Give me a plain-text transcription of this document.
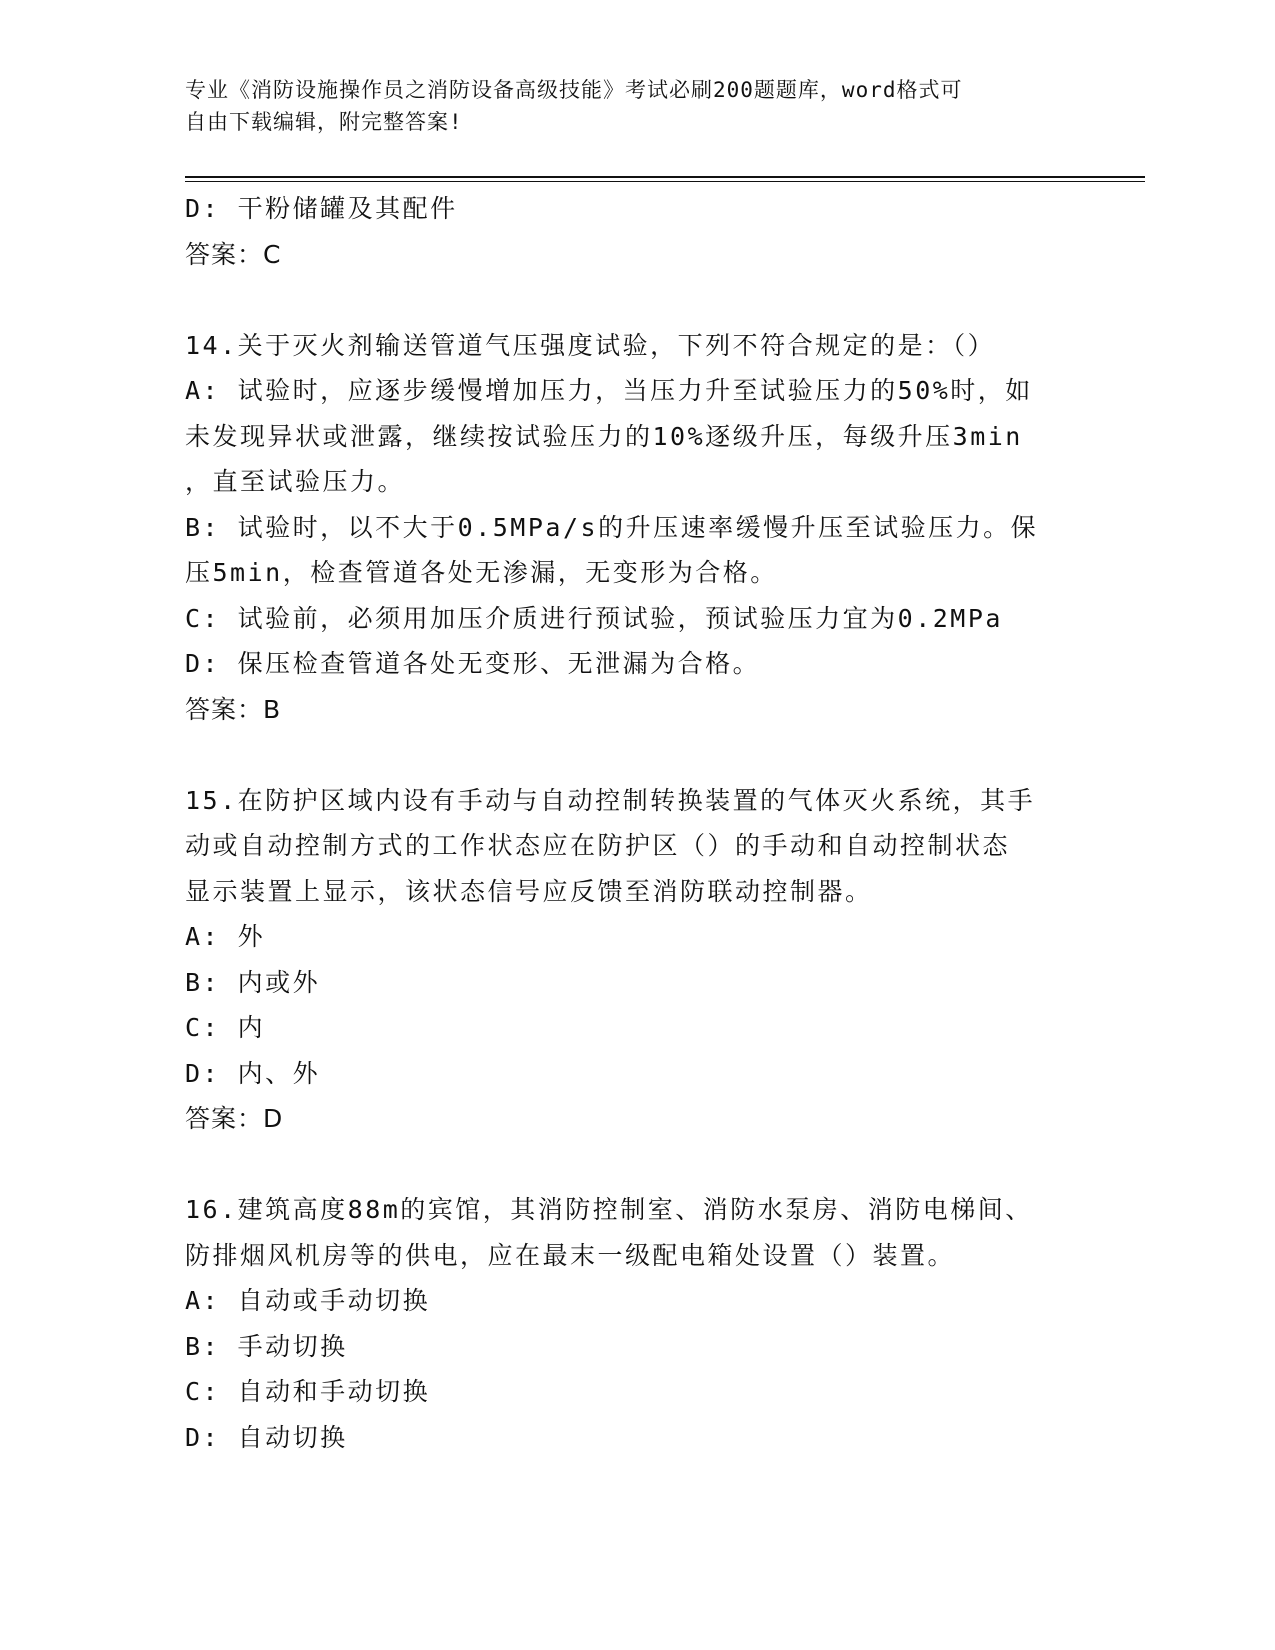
专业《消防设施操作员之消防设备高级技能》考试必刷200题题库，word格式可
自由下载编辑，附完整答案!
D: 干粉储罐及其配件
答案：C
14.关于灭火剂输送管道气压强度试验，下列不符合规定的是：（）
A: 试验时，应逐步缓慢增加压力，当压力升至试验压力的50%时，如
未发现异状或泄露，继续按试验压力的10%逐级升压，每级升压3min
，直至试验压力。
B: 试验时，以不大于0.5MPa/s的升压速率缓慢升压至试验压力。保
压5min，检查管道各处无渗漏，无变形为合格。
C: 试验前，必须用加压介质进行预试验，预试验压力宜为0.2MPa
D: 保压检查管道各处无变形、无泄漏为合格。
答案：B
15.在防护区域内设有手动与自动控制转换装置的气体灭火系统，其手
动或自动控制方式的工作状态应在防护区（）的手动和自动控制状态
显示装置上显示，该状态信号应反馈至消防联动控制器。
A: 外
B: 内或外
C: 内
D: 内、外
答案：D
16.建筑高度88m的宾馆，其消防控制室、消防水泵房、消防电梯间、
防排烟风机房等的供电，应在最末一级配电箱处设置（）装置。
A: 自动或手动切换
B: 手动切换
C: 自动和手动切换
D: 自动切换
